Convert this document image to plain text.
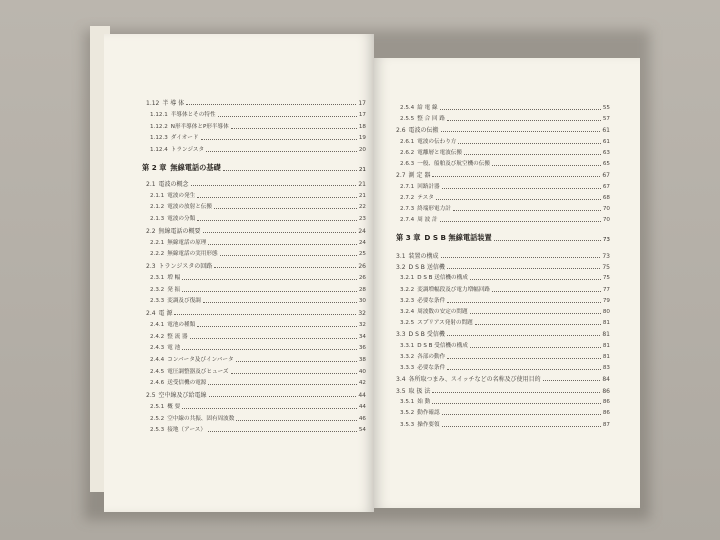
1.12 半 導 体	17
1.12.1 半導体とその特性	17
1.12.2 N形半導体とP形半導体	18
1.12.3 ダイオード	19
1.12.4 トランジスタ	20
第 2 章 無線電話の基礎	21
2.1 電波の概念	21
2.1.1 電波の発生	21
2.1.2 電波の放射と伝搬	22
2.1.3 電波の分類	23
2.2 無線電話の概要	24
2.2.1 無線電話の原理	24
2.2.2 無線電話の実用形態	25
2.3 トランジスタの回路	26
2.3.1 増 幅	26
2.3.2 発 振	28
2.3.3 変調及び復調	30
2.4 電 源	32
2.4.1 電池の種類	32
2.4.2 整 流 器	34
2.4.3 電 池	36
2.4.4 コンバータ及びインバータ	38
2.4.5 電圧調整器及びヒューズ	40
2.4.6 送受信機の電源	42
2.5 空中線及び給電線	44
2.5.1 概 要	44
2.5.2 空中線の共振、固有周波数	46
2.5.3 接地（アース）	54
2.5.4 給 電 線	55
2.5.5 整 合 回 路	57
2.6 電波の伝搬	61
2.6.1 電波の伝わり方	61
2.6.2 電離層と電波伝搬	63
2.6.3 一般、船舶及び航空機の伝搬	65
2.7 測 定 器	67
2.7.1 回路計器	67
2.7.2 テスタ	68
2.7.3 終端形電力計	70
2.7.4 周 波 計	70
第 3 章 D S B 無線電話装置	73
3.1 装置の構成	73
3.2 D S B 送信機	75
3.2.1 D S B 送信機の構成	75
3.2.2 変調増幅段及び電力増幅回路	77
3.2.3 必要な条件	79
3.2.4 周波数の安定の問題	80
3.2.5 スプリアス発射の問題	81
3.3 D S B 受信機	81
3.3.1 D S B 受信機の構成	81
3.3.2 各部の動作	81
3.3.3 必要な条件	83
3.4 各所取つまみ、スイッチなどの名称及び使用目的	84
3.5 取 扱 法	86
3.5.1 始 動	86
3.5.2 動作確認	86
3.5.3 操作要領	87
